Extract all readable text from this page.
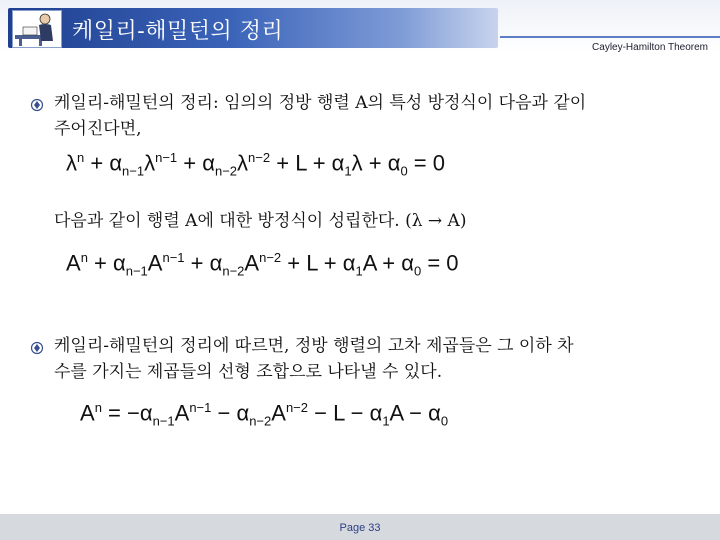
케일리-해밀턴의 정리
Cayley-Hamilton Theorem
케일리-해밀턴의 정리: 임의의 정방 행렬 A의 특성 방정식이 다음과 같이
주어진다면,
$\lambda^n + \alpha_{n-1}\lambda^{n-1} + \alpha_{n-2}\lambda^{n-2} + L + \alpha_1\lambda + \alpha_0 = 0$
다음과 같이 행렬 A에 대한 방정식이 성립한다. (λ → A)
$A^n + \alpha_{n-1}A^{n-1} + \alpha_{n-2}A^{n-2} + L + \alpha_1A + \alpha_0 = 0$
케일리-해밀턴의 정리에 따르면, 정방 행렬의 고차 제곱들은 그 이하 차
수를 가지는 제곱들의 선형 조합으로 나타낼 수 있다.
$A^n = -\alpha_{n-1}A^{n-1} - \alpha_{n-2}A^{n-2} - L - \alpha_1A - \alpha_0$
Page 33
